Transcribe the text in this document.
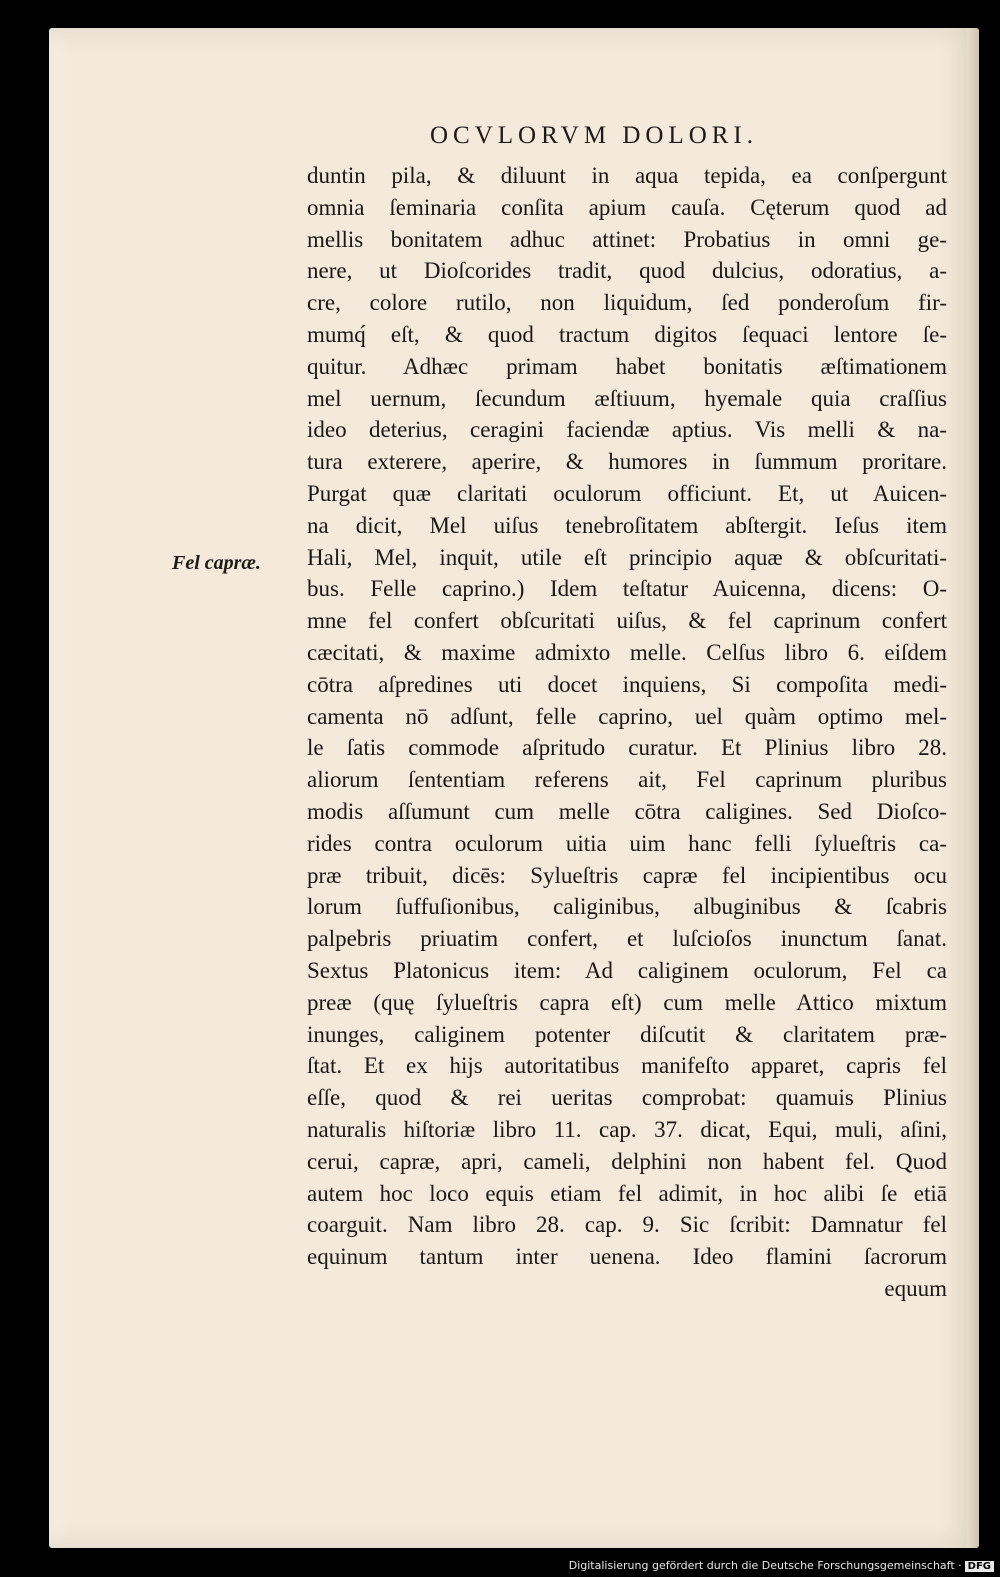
OCVLORVM DOLORI.
Fel capræ.
duntin pila, & diluunt in aqua tepida, ea conſpergunt
omnia ſeminaria conſita apium cauſa. Cęterum quod ad
mellis bonitatem adhuc attinet: Probatius in omni ge-
nere, ut Dioſcorides tradit, quod dulcius, odoratius, a-
cre, colore rutilo, non liquidum, ſed ponderoſum fir-
mumq́ eſt, & quod tractum digitos ſequaci lentore ſe-
quitur. Adhæc primam habet bonitatis æſtimationem
mel uernum, ſecundum æſtiuum, hyemale quia craſſius
ideo deterius, ceragini faciendæ aptius. Vis melli & na-
tura exterere, aperire, & humores in ſummum proritare.
Purgat quæ claritati oculorum officiunt. Et, ut Auicen-
na dicit, Mel uiſus tenebroſitatem abſtergit. Ieſus item
Hali, Mel, inquit, utile eſt principio aquæ & obſcuritati-
bus. Felle caprino.) Idem teſtatur Auicenna, dicens: O-
mne fel confert obſcuritati uiſus, & fel caprinum confert
cæcitati, & maxime admixto melle. Celſus libro 6. eiſdem
cōtra aſpredines uti docet inquiens, Si compoſita medi-
camenta nō adſunt, felle caprino, uel quàm optimo mel-
le ſatis commode aſpritudo curatur. Et Plinius libro 28.
aliorum ſententiam referens ait, Fel caprinum pluribus
modis aſſumunt cum melle cōtra caligines. Sed Dioſco-
rides contra oculorum uitia uim hanc felli ſylueſtris ca-
præ tribuit, dicēs: Sylueſtris capræ fel incipientibus ocu
lorum ſuffuſionibus, caliginibus, albuginibus & ſcabris
palpebris priuatim confert, et luſcioſos inunctum ſanat.
Sextus Platonicus item: Ad caliginem oculorum, Fel ca
preæ (quę ſylueſtris capra eſt) cum melle Attico mixtum
inunges, caliginem potenter diſcutit & claritatem præ-
ſtat. Et ex hijs autoritatibus manifeſto apparet, capris fel
eſſe, quod & rei ueritas comprobat: quamuis Plinius
naturalis hiſtoriæ libro 11. cap. 37. dicat, Equi, muli, aſini,
cerui, capræ, apri, cameli, delphini non habent fel. Quod
autem hoc loco equis etiam fel adimit, in hoc alibi ſe etiā
coarguit. Nam libro 28. cap. 9. Sic ſcribit: Damnatur fel
equinum tantum inter uenena. Ideo flamini ſacrorum
equum
Digitalisierung gefördert durch die Deutsche Forschungsgemeinschaft · DFG
